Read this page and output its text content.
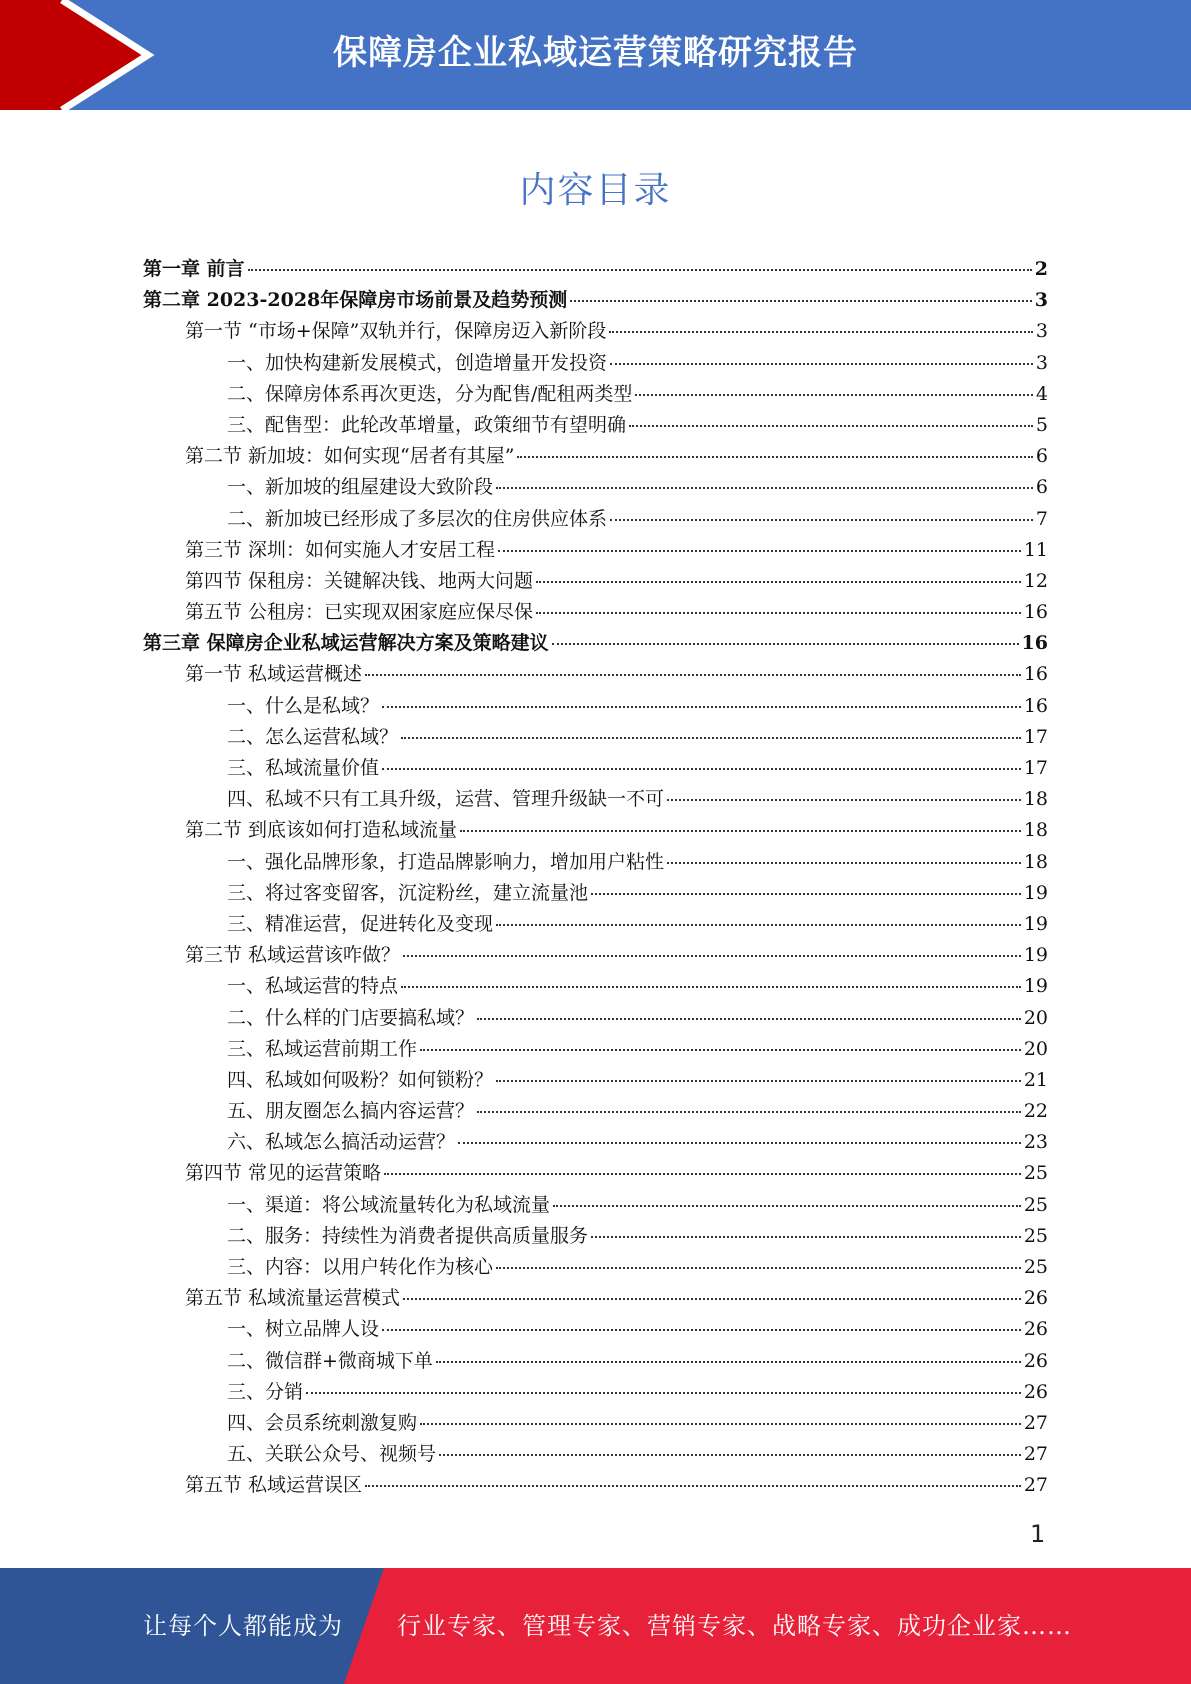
保障房企业私域运营策略研究报告
内容目录
第一章 前言	2
第二章 2023-2028年保障房市场前景及趋势预测	3
第一节 “市场+保障”双轨并行，保障房迈入新阶段	3
一、加快构建新发展模式，创造增量开发投资	3
二、保障房体系再次更迭，分为配售/配租两类型	4
三、配售型：此轮改革增量，政策细节有望明确	5
第二节 新加坡：如何实现“居者有其屋”	6
一、新加坡的组屋建设大致阶段	6
二、新加坡已经形成了多层次的住房供应体系	7
第三节 深圳：如何实施人才安居工程	11
第四节 保租房：关键解决钱、地两大问题	12
第五节 公租房：已实现双困家庭应保尽保	16
第三章 保障房企业私域运营解决方案及策略建议	16
第一节 私域运营概述	16
一、什么是私域？	16
二、怎么运营私域？	17
三、私域流量价值	17
四、私域不只有工具升级，运营、管理升级缺一不可	18
第二节 到底该如何打造私域流量	18
一、强化品牌形象，打造品牌影响力，增加用户粘性	18
三、将过客变留客，沉淀粉丝，建立流量池	19
三、精准运营，促进转化及变现	19
第三节 私域运营该咋做？	19
一、私域运营的特点	19
二、什么样的门店要搞私域？	20
三、私域运营前期工作	20
四、私域如何吸粉？如何锁粉？	21
五、朋友圈怎么搞内容运营？	22
六、私域怎么搞活动运营？	23
第四节 常见的运营策略	25
一、渠道：将公域流量转化为私域流量	25
二、服务：持续性为消费者提供高质量服务	25
三、内容：以用户转化作为核心	25
第五节 私域流量运营模式	26
一、树立品牌人设	26
二、微信群+微商城下单	26
三、分销	26
四、会员系统刺激复购	27
五、关联公众号、视频号	27
第五节 私域运营误区	27
1
让每个人都能成为 行业专家、管理专家、营销专家、战略专家、成功企业家……
